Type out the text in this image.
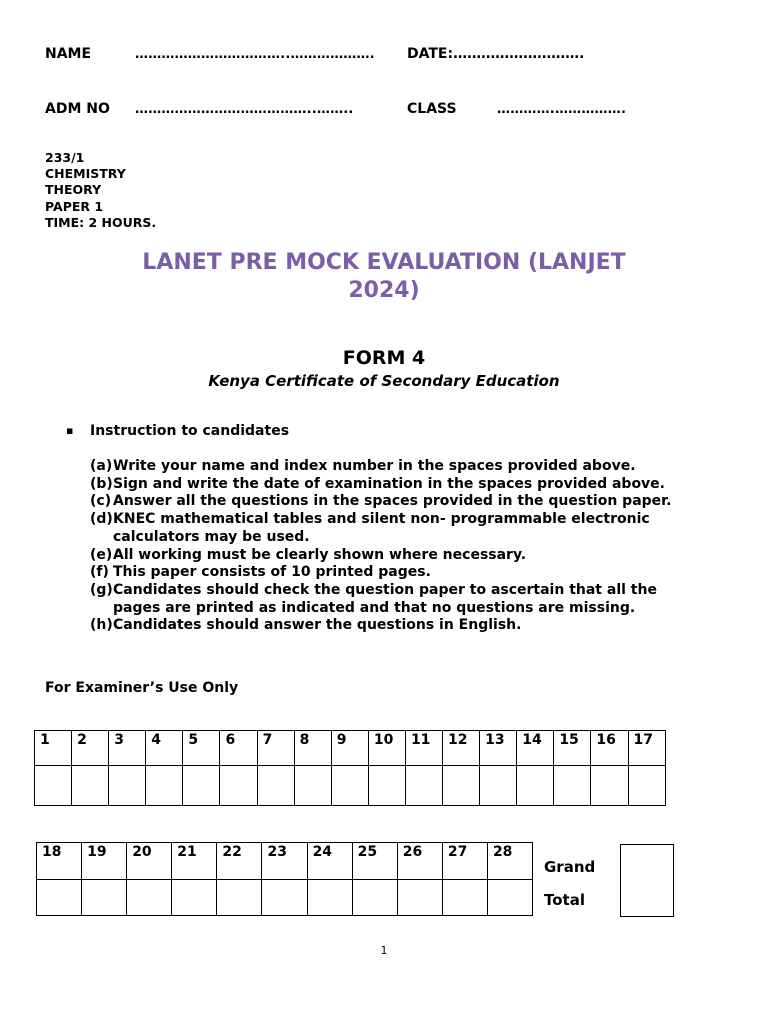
NAME	……………………………..………………. DATE:……………………….
ADM NO …………………………………..……..	CLASS	………….…………….
233/1
CHEMISTRY
THEORY
PAPER 1
TIME: 2 HOURS.
LANET PRE MOCK EVALUATION (LANJET 2024)
FORM 4
Kenya Certificate of Secondary Education
▪ Instruction to candidates
(a) Write your name and index number in the spaces provided above.
(b) Sign and write the date of examination in the spaces provided above.
(c) Answer all the questions in the spaces provided in the question paper.
(d) KNEC mathematical tables and silent non- programmable electronic calculators may be used.
(e) All working must be clearly shown where necessary.
(f) This paper consists of 10 printed pages.
(g) Candidates should check the question paper to ascertain that all the pages are printed as indicated and that no questions are missing.
(h) Candidates should answer the questions in English.
For Examiner’s Use Only
1	2	3	4	5	6	7	8	9	10	11	12	13	14	15	16	17

18	19	20	21	22	23	24	25	26	27	28

Grand
Total
1
